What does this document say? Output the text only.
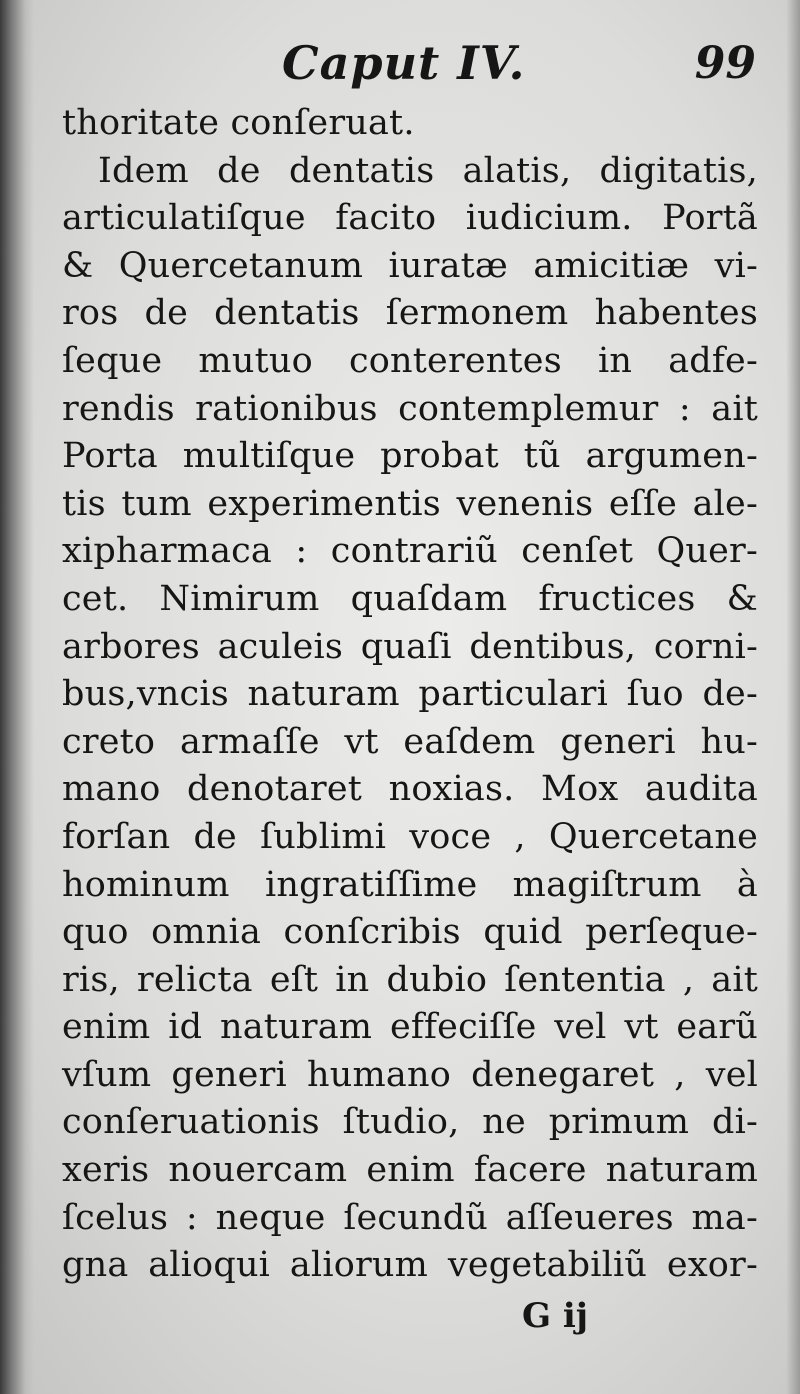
Caput IV.	99
thoritate conſeruat.
Idem de dentatis alatis, digitatis,
articulatiſque facito iudicium. Portã
& Quercetanum iuratæ amicitiæ vi-
ros de dentatis ſermonem habentes
ſeque mutuo conterentes in adfe-
rendis rationibus contemplemur : ait
Porta multiſque probat tũ argumen-
tis tum experimentis venenis eſſe ale-
xipharmaca : contrariũ cenſet Quer-
cet. Nimirum quaſdam fructices &
arbores aculeis quaſi dentibus, corni-
bus,vncis naturam particulari ſuo de-
creto armaſſe vt eaſdem generi hu-
mano denotaret noxias. Mox audita
forſan de ſublimi voce , Quercetane
hominum ingratiſſime magiſtrum à
quo omnia conſcribis quid perſeque-
ris, relicta eſt in dubio ſententia , ait
enim id naturam effeciſſe vel vt earũ
vſum generi humano denegaret , vel
conſeruationis ſtudio, ne primum di-
xeris nouercam enim facere naturam
ſcelus : neque ſecundũ aſſeueres ma-
gna alioqui aliorum vegetabiliũ exor-
G ij
